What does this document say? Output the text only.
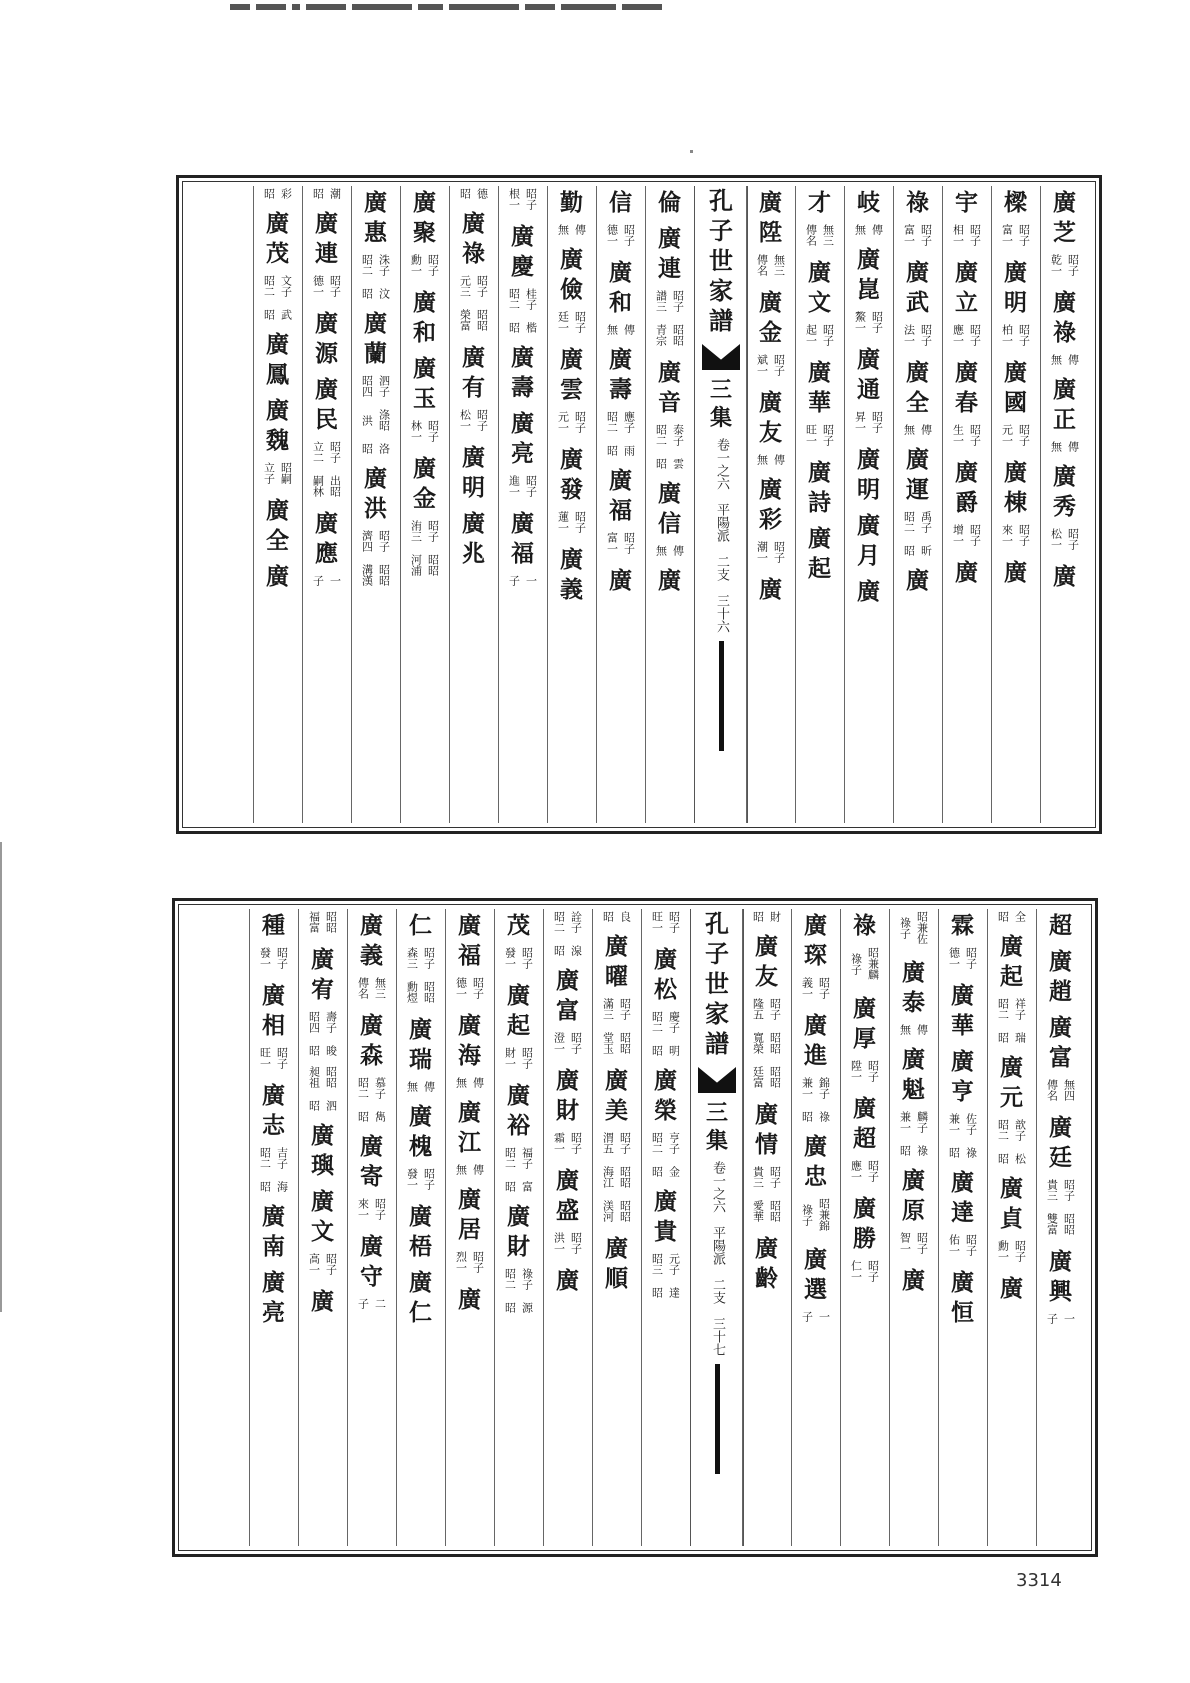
廣
芝
乾一 昭子
廣
祿
無 傳
廣
正
無 傳
廣
秀
松一 昭子
廣
樑
富一 昭子
廣
明
柏一 昭子
廣
國
元一 昭子
廣
棟
來一 昭子
廣
宇
相一 昭子
廣
立
應一 昭子
廣
春
生一 昭子
廣
爵
增一 昭子
廣
祿
富一 昭子
廣
武
法一 昭子
廣
全
無 傳
廣
運
昭二 禹子
昭 昕
廣
岐
無 傳
廣
崑
鰲一 昭子
廣
通
昇一 昭子
廣
明
廣
月
廣
才
傳名 無三
廣
文
起一 昭子
廣
華
旺一 昭子
廣
詩
廣
起
廣
陞
傳名 無三
廣
金
斌一 昭子
廣
友
無 傳
廣
彩
潮一 昭子
廣
孔
子
世
家
譜
三
集
卷一之六　平陽派　二支　三十六
倫
廣
連
譜三 昭子
青宗 昭昭
廣
音
昭二 泰子
昭 雲
廣
信
無 傳
廣
信
德一 昭子
廣
和
無 傳
廣
壽
昭二 應子
昭 雨
廣
福
富一 昭子
廣
勤
無 傳
廣
儉
廷一 昭子
廣
雲
元一 昭子
廣
發
蓮一 昭子
廣
義
根一 昭子
廣
慶
昭二 桂子
昭 楷
廣
壽
廣
亮
進一 昭子
廣
福
子 一
昭 德
廣
祿
元三 昭子
榮富 昭昭
廣
有
松一 昭子
廣
明
廣
兆
廣
聚
勳一 昭子
廣
和
廣
玉
林一 昭子
廣
金
洧三 昭子
河浦 昭昭
廣
惠
昭二 洙子
昭 汶
廣
蘭
昭四 泗子
洪 涤昭
昭 洛
廣
洪
濟四 昭子
溝漢 昭昭
昭 潮
廣
連
德一 昭子
廣
源
廣
民
立二 昭子
嗣林 出昭
廣
應
子 一
昭 彩
廣
茂
昭二 文子
昭 武
廣
鳳
廣
魏
立子 昭嗣
廣
全
廣
超
廣
趙
廣
富
傳名 無四
廣
廷
貴三 昭子
雙富 昭昭
廣
興
子 一
昭 全
廣
起
昭二 祥子
昭 瑞
廣
元
昭二 歆子
昭 松
廣
貞
勳一 昭子
廣
霖
德一 昭子
廣
華
廣
亨
兼一 佐子
昭 祿
廣
達
佑一 昭子
廣
恒
祿子 昭兼佐
廣
泰
無 傳
廣
魁
兼一 麟子
昭 祿
廣
原
智一 昭子
廣
祿
祿子 昭兼麟
廣
厚
陞一 昭子
廣
超
應一 昭子
廣
勝
仁一 昭子
廣
琛
義一 昭子
廣
進
兼一 錦子
昭 祿
廣
忠
祿子 昭兼錦
廣
選
子 一
昭 財
廣
友
隆五 昭子
寬榮 昭昭
廷富 昭昭
廣
情
貴三 昭子
愛華 昭昭
廣
齡
孔
子
世
家
譜
三
集
卷一之六　平陽派　二支　三十七
旺一 昭子
廣
松
昭二 慶子
昭 明
廣
榮
昭二 亨子
昭 金
廣
貴
昭三 元子
昭 達
昭 良
廣
曜
滿三 昭子
堂玉 昭昭
廣
美
渭五 昭子
海江 昭昭
渼河 昭昭
廣
順
昭二 詮子
昭 湶
廣
富
澄一 昭子
廣
財
霜一 昭子
廣
盛
洪一 昭子
廣
茂
發一 昭子
廣
起
財一 昭子
廣
裕
昭二 福子
昭 富
廣
財
昭二 祿子
昭 源
廣
福
德一 昭子
廣
海
無 傳
廣
江
無 傳
廣
居
烈一 昭子
廣
仁
森三 昭子
勳煜 昭昭
廣
瑞
無 傳
廣
槐
發一 昭子
廣
梧
廣
仁
廣
義
傳名 無三
廣
森
昭二 慕子
昭 雋
廣
寄
來一 昭子
廣
守
子 二
福富 昭昭
廣
宥
昭四 壽子
昭 晙
昶祖 昭昭
昭 泗
廣
璵
廣
文
高一 昭子
廣
種
發一 昭子
廣
相
旺一 昭子
廣
志
昭二 吉子
昭 海
廣
南
廣
亮
3314
